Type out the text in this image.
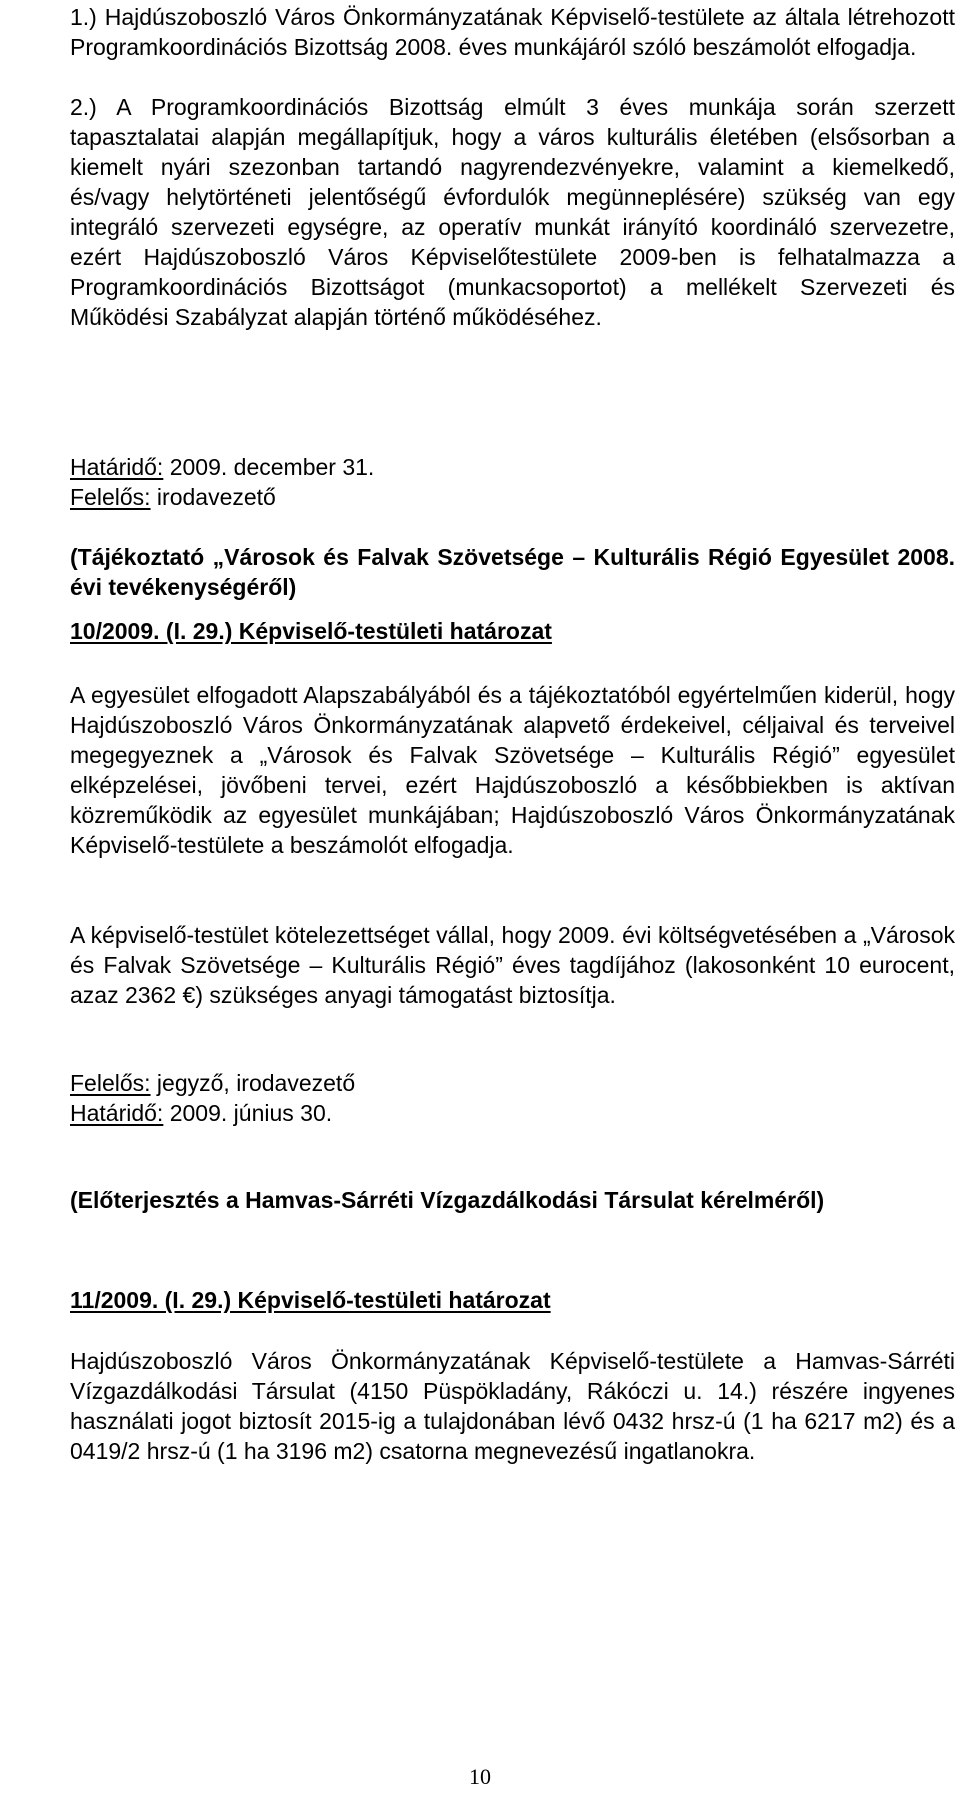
1.) Hajdúszoboszló Város Önkormányzatának Képviselő-testülete az általa létrehozott Programkoordinációs Bizottság 2008. éves munkájáról szóló beszámolót elfogadja.

2.) A Programkoordinációs Bizottság elmúlt 3 éves munkája során szerzett tapasztalatai alapján megállapítjuk, hogy a város kulturális életében (elsősorban a kiemelt nyári szezonban tartandó nagyrendezvényekre, valamint a kiemelkedő, és/vagy helytörténeti jelentőségű évfordulók megünneplésére) szükség van egy integráló szervezeti egységre, az operatív munkát irányító koordináló szervezetre, ezért Hajdúszoboszló Város Képviselőtestülete 2009-ben is felhatalmazza a Programkoordinációs Bizottságot (munkacsoportot) a mellékelt Szervezeti és Működési Szabályzat alapján történő működéséhez.

Határidő: 2009. december 31.
Felelős: irodavezető

(Tájékoztató „Városok és Falvak Szövetsége – Kulturális Régió Egyesület 2008. évi tevékenységéről)

10/2009. (I. 29.) Képviselő-testületi határozat

A egyesület elfogadott Alapszabályából és a tájékoztatóból egyértelműen kiderül, hogy Hajdúszoboszló Város Önkormányzatának alapvető érdekeivel, céljaival és terveivel megegyeznek a „Városok és Falvak Szövetsége – Kulturális Régió” egyesület elképzelései, jövőbeni tervei, ezért Hajdúszoboszló a későbbiekben is aktívan közreműködik az egyesület munkájában; Hajdúszoboszló Város Önkormányzatának Képviselő-testülete a beszámolót elfogadja.

A képviselő-testület kötelezettséget vállal, hogy 2009. évi költségvetésében a „Városok és Falvak Szövetsége – Kulturális Régió” éves tagdíjához (lakosonként 10 eurocent, azaz 2362 €) szükséges anyagi támogatást biztosítja.

Felelős: jegyző, irodavezető
Határidő: 2009. június 30.

(Előterjesztés a Hamvas-Sárréti Vízgazdálkodási Társulat kérelméről)

11/2009. (I. 29.) Képviselő-testületi határozat

Hajdúszoboszló Város Önkormányzatának Képviselő-testülete a Hamvas-Sárréti Vízgazdálkodási Társulat (4150 Püspökladány, Rákóczi u. 14.) részére ingyenes használati jogot biztosít 2015-ig a tulajdonában lévő 0432 hrsz-ú (1 ha 6217 m2) és a 0419/2 hrsz-ú (1 ha 3196 m2) csatorna megnevezésű ingatlanokra.

10
